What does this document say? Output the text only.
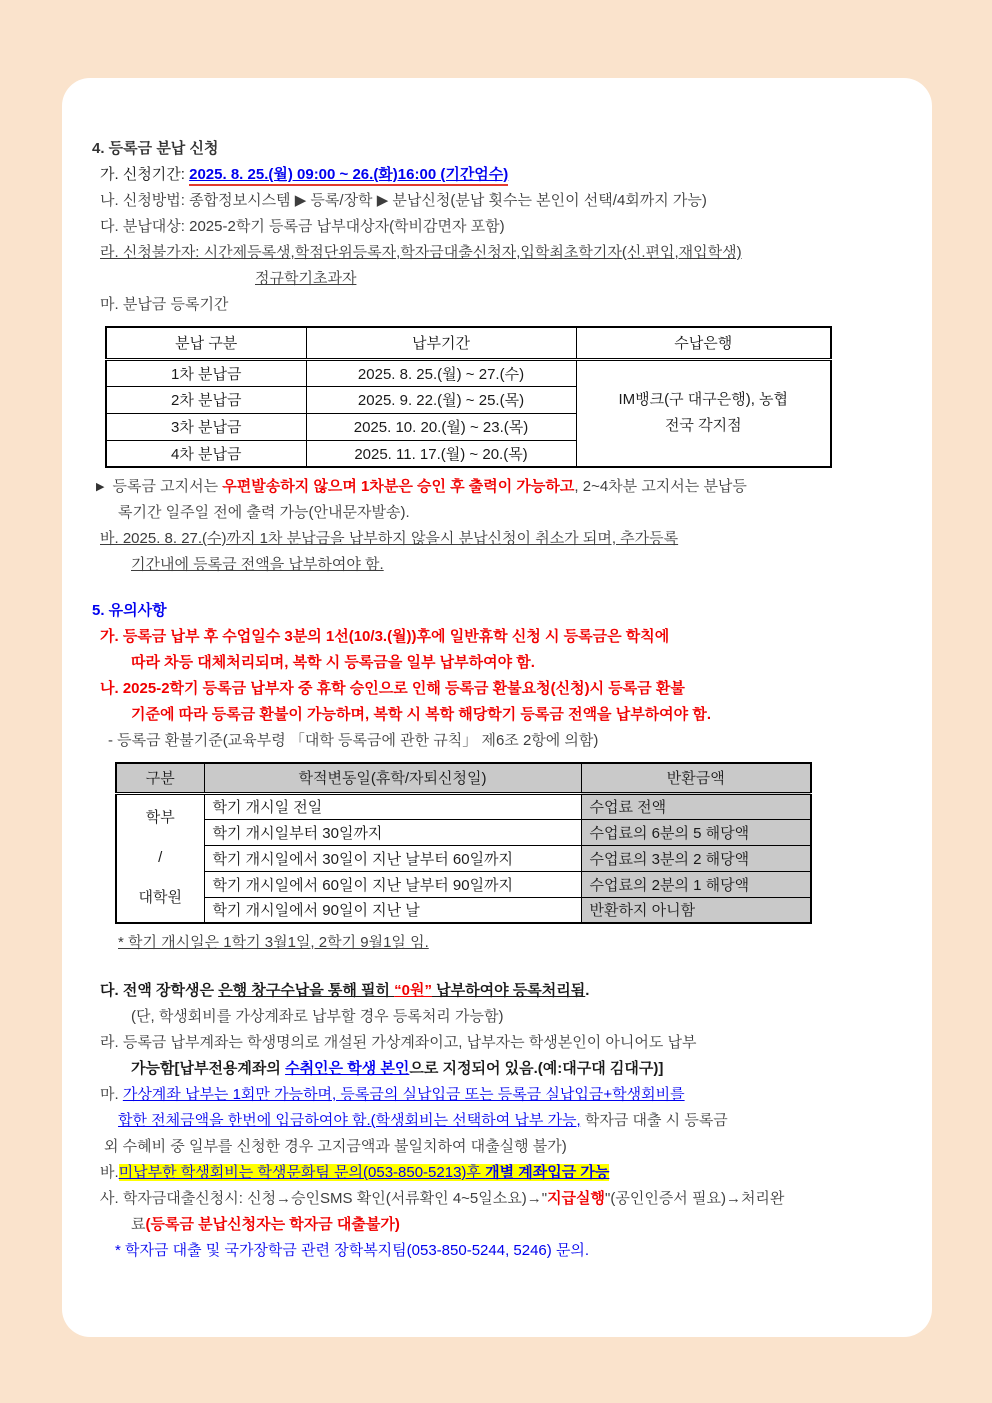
4. 등록금 분납 신청
가. 신청기간: 2025. 8. 25.(월) 09:00 ~ 26.(화)16:00 (기간엄수)
나. 신청방법: 종합정보시스템 ▶ 등록/장학 ▶ 분납신청(분납 횟수는 본인이 선택/4회까지 가능)
다. 분납대상: 2025-2학기 등록금 납부대상자(학비감면자 포함)
라. 신청불가자: 시간제등록생,학점단위등록자,학자금대출신청자,입학최초학기자(신.편입,재입학생)
정규학기초과자
마. 분납금 등록기간
분납 구분	납부기간	수납은행
1차 분납금	2025. 8. 25.(월) ~ 27.(수)	IM뱅크(구 대구은행), 농협
전국 각지점

2차 분납금	2025. 9. 22.(월) ~ 25.(목)	
3차 분납금	2025. 10. 20.(월) ~ 23.(목)	
4차 분납금	2025. 11. 17.(월) ~ 20.(목)	
▶ 등록금 고지서는 우편발송하지 않으며 1차분은 승인 후 출력이 가능하고, 2~4차분 고지서는 분납등
록기간 일주일 전에 출력 가능(안내문자발송).
바. 2025. 8. 27.(수)까지 1차 분납금을 납부하지 않을시 분납신청이 취소가 되며, 추가등록
기간내에 등록금 전액을 납부하여야 함.
5. 유의사항
가. 등록금 납부 후 수업일수 3분의 1선(10/3.(월))후에 일반휴학 신청 시 등록금은 학칙에
따라 차등 대체처리되며, 복학 시 등록금을 일부 납부하여야 함.
나. 2025-2학기 등록금 납부자 중 휴학 승인으로 인해 등록금 환불요청(신청)시 등록금 환불
기준에 따라 등록금 환불이 가능하며, 복학 시 복학 해당학기 등록금 전액을 납부하여야 함.
- 등록금 환불기준(교육부령 「대학 등록금에 관한 규칙」 제6조 2항에 의함)
구분	학적변동일(휴학/자퇴신청일)	반환금액

학부
/
대학원	학기 개시일 전일	수업료 전액
	학기 개시일부터 30일까지	수업료의 6분의 5 해당액
	학기 개시일에서 30일이 지난 날부터 60일까지	수업료의 3분의 2 해당액
	학기 개시일에서 60일이 지난 날부터 90일까지	수업료의 2분의 1 해당액
	학기 개시일에서 90일이 지난 날	반환하지 아니함
* 학기 개시일은 1학기 3월1일, 2학기 9월1일 임.
다. 전액 장학생은 은행 창구수납을 통해 필히 “0원” 납부하여야 등록처리됨.
(단, 학생회비를 가상계좌로 납부할 경우 등록처리 가능함)
라. 등록금 납부계좌는 학생명의로 개설된 가상계좌이고, 납부자는 학생본인이 아니어도 납부
가능함[납부전용계좌의 수취인은 학생 본인으로 지정되어 있음.(예:대구대 김대구)]
마. 가상계좌 납부는 1회만 가능하며, 등록금의 실납입금 또는 등록금 실납입금+학생회비를
합한 전체금액을 한번에 입금하여야 함.(학생회비는 선택하여 납부 가능, 학자금 대출 시 등록금
외 수혜비 중 일부를 신청한 경우 고지금액과 불일치하여 대출실행 불가)
바.미납부한 학생회비는 학생문화팀 문의(053-850-5213)후 개별 계좌입금 가능
사. 학자금대출신청시: 신청→승인SMS 확인(서류확인 4~5일소요)→"지급실행"(공인인증서 필요)→처리완
료(등록금 분납신청자는 학자금 대출불가)
* 학자금 대출 및 국가장학금 관련 장학복지팀(053-850-5244, 5246) 문의.
